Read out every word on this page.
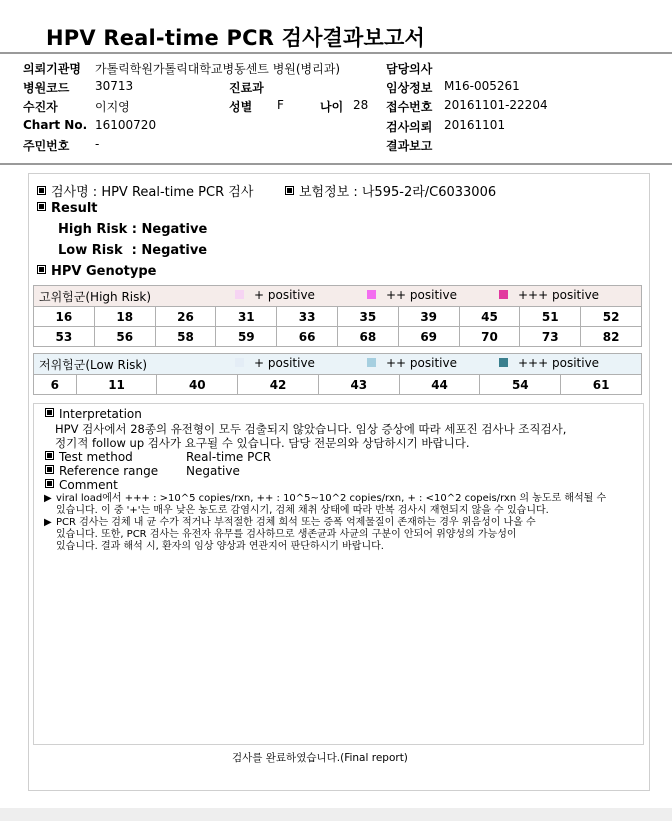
HPV Real-time PCR 검사결과보고서
의뢰기관명 가톨릭학원가톨릭대학교병동센트 병원(병리과)
병원코드 30713
수진자	이지영
Chart No. 16100720
주민번호 -
진료과
성별 F	나이 28
담당의사
임상정보 M16-005261
접수번호 20161101-22204
검사의뢰 20161101
결과보고
검사명 : HPV Real-time PCR 검사	보험정보 : 나595-2라/C6033006
Result
High Risk : Negative
Low Risk  : Negative
HPV Genotype
고위험군(High Risk)									

16	18	26	31	33	35	39	45	51	52
53	56	58	59	66	68	69	70	73	82
+ positive	++ positive	+++ positive
저위험군(Low Risk)

6	11	40	42	43	44	54	61
+ positive	++ positive	+++ positive
Interpretation
HPV 검사에서 28종의 유전형이 모두 검출되지 않았습니다. 임상 증상에 따라 세포진 검사나 조직검사,
정기적 follow up 검사가 요구될 수 있습니다. 담당 전문의와 상담하시기 바랍니다.
Test method	Real-time PCR
Reference range Negative
Comment
▶ viral load에서 +++ : >10^5 copies/rxn, ++ : 10^5~10^2 copies/rxn, + : <10^2 copeis/rxn 의 농도로 해석될 수
있습니다. 이 중 '+'는 매우 낮은 농도로 감염시기, 검체 채취 상태에 따라 반복 검사시 재현되지 않을 수 있습니다.
▶ PCR 검사는 검체 내 균 수가 적거나 부적절한 검체 희석 또는 증폭 억제물질이 존재하는 경우 위음성이 나올 수
있습니다. 또한, PCR 검사는 유전자 유무를 검사하므로 생존균과 사균의 구분이 안되어 위양성의 가능성이
있습니다. 결과 해석 시, 환자의 임상 양상과 연관지어 판단하시기 바랍니다.
검사를 완료하였습니다.(Final report)
